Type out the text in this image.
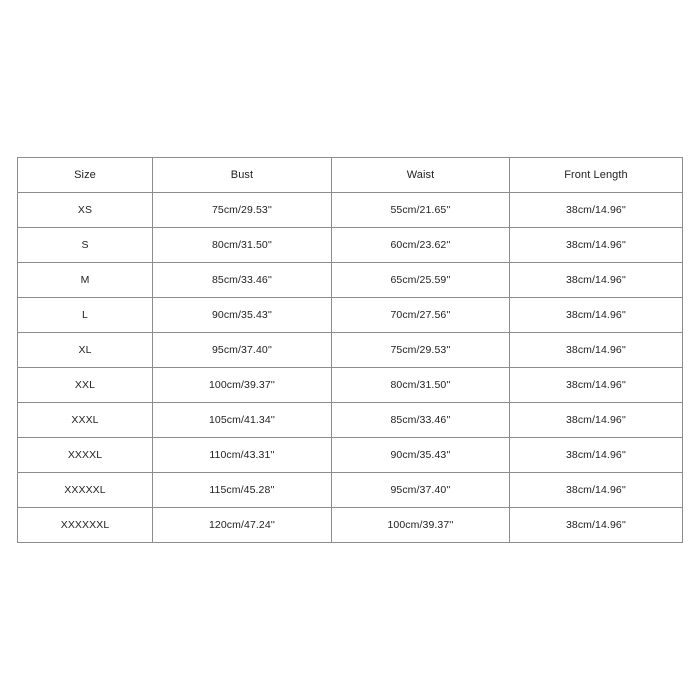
Size	Bust	Waist	Front Length
XS	75cm/29.53''	55cm/21.65''	38cm/14.96''
S	80cm/31.50''	60cm/23.62''	38cm/14.96''
M	85cm/33.46''	65cm/25.59''	38cm/14.96''
L	90cm/35.43''	70cm/27.56''	38cm/14.96''
XL	95cm/37.40''	75cm/29.53''	38cm/14.96''
XXL	100cm/39.37''	80cm/31.50''	38cm/14.96''
XXXL	105cm/41.34''	85cm/33.46''	38cm/14.96''
XXXXL	110cm/43.31''	90cm/35.43''	38cm/14.96''
XXXXXL	115cm/45.28''	95cm/37.40''	38cm/14.96''
XXXXXXL	120cm/47.24''	100cm/39.37''	38cm/14.96''
